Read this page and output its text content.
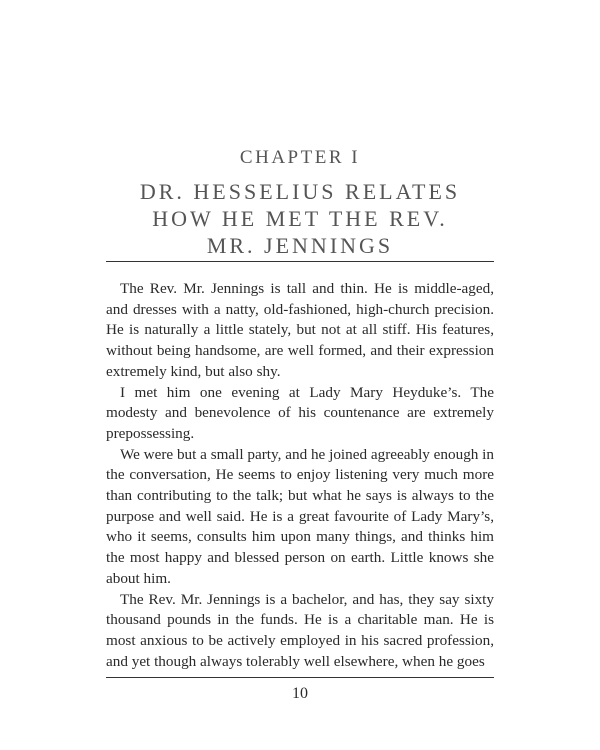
CHAPTER I
DR. HESSELIUS RELATES
HOW HE MET THE REV.
MR. JENNINGS

The Rev. Mr. Jennings is tall and thin. He is middle-aged, and dresses with a natty, old-fashioned, high-church precision. He is naturally a little stately, but not at all stiff. His features, without being handsome, are well formed, and their expression extremely kind, but also shy.

I met him one evening at Lady Mary Heyduke’s. The modesty and benevolence of his countenance are extremely prepossessing.

We were but a small party, and he joined agreeably enough in the conversation, He seems to enjoy listening very much more than contributing to the talk; but what he says is always to the purpose and well said. He is a great favourite of Lady Mary’s, who it seems, consults him upon many things, and thinks him the most happy and blessed person on earth. Little knows she about him.

The Rev. Mr. Jennings is a bachelor, and has, they say sixty thousand pounds in the funds. He is a charitable man. He is most anxious to be actively employed in his sacred profession, and yet though always tolerably well elsewhere, when he goes

10
